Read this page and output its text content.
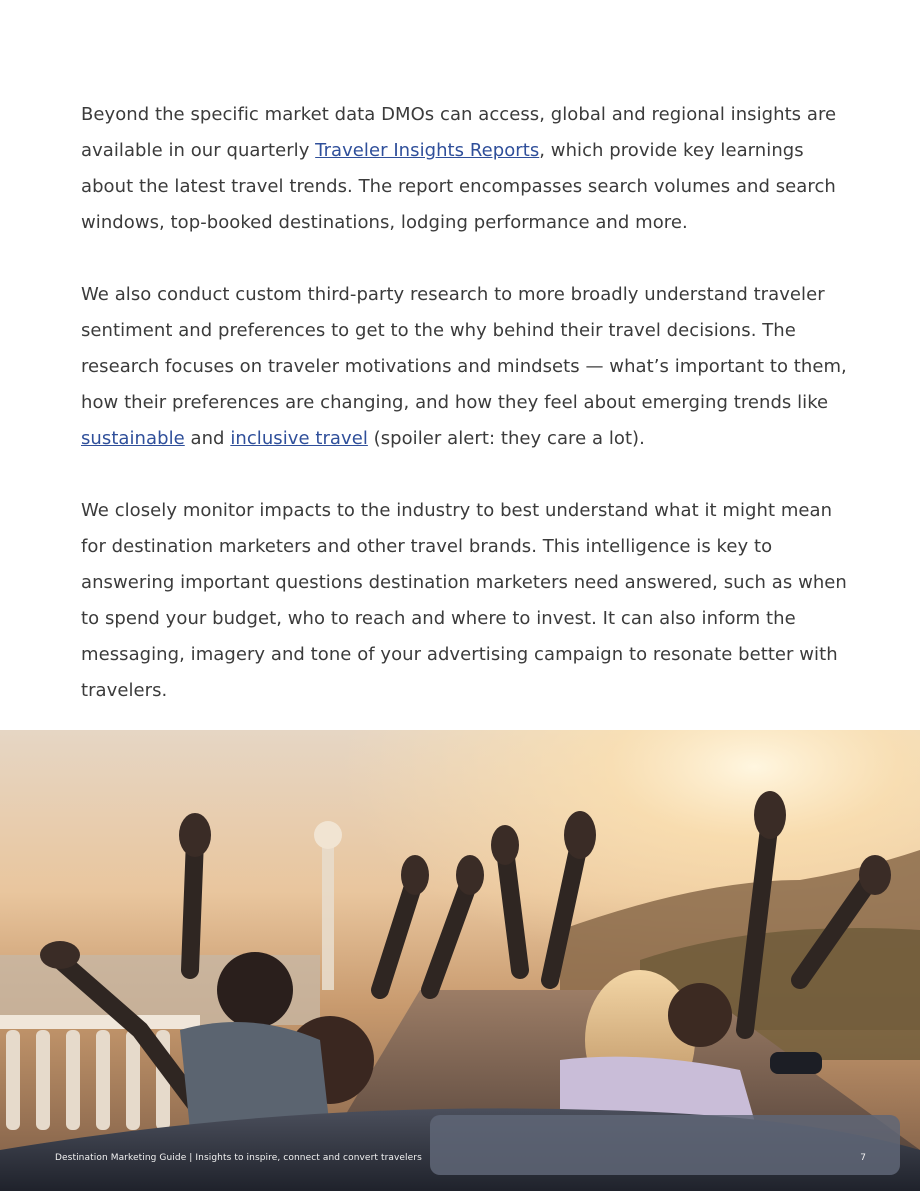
Beyond the specific market data DMOs can access, global and regional insights are available in our quarterly Traveler Insights Reports, which provide key learnings about the latest travel trends. The report encompasses search volumes and search windows, top-booked destinations, lodging performance and more.

We also conduct custom third-party research to more broadly understand traveler sentiment and preferences to get to the why behind their travel decisions. The research focuses on traveler motivations and mindsets — what’s important to them, how their preferences are changing, and how they feel about emerging trends like sustainable and inclusive travel (spoiler alert: they care a lot).

We closely monitor impacts to the industry to best understand what it might mean for destination marketers and other travel brands. This intelligence is key to answering important questions destination marketers need answered, such as when to spend your budget, who to reach and where to invest. It can also inform the messaging, imagery and tone of your advertising campaign to resonate better with travelers.

Destination Marketing Guide | Insights to inspire, connect and convert travelers	7
